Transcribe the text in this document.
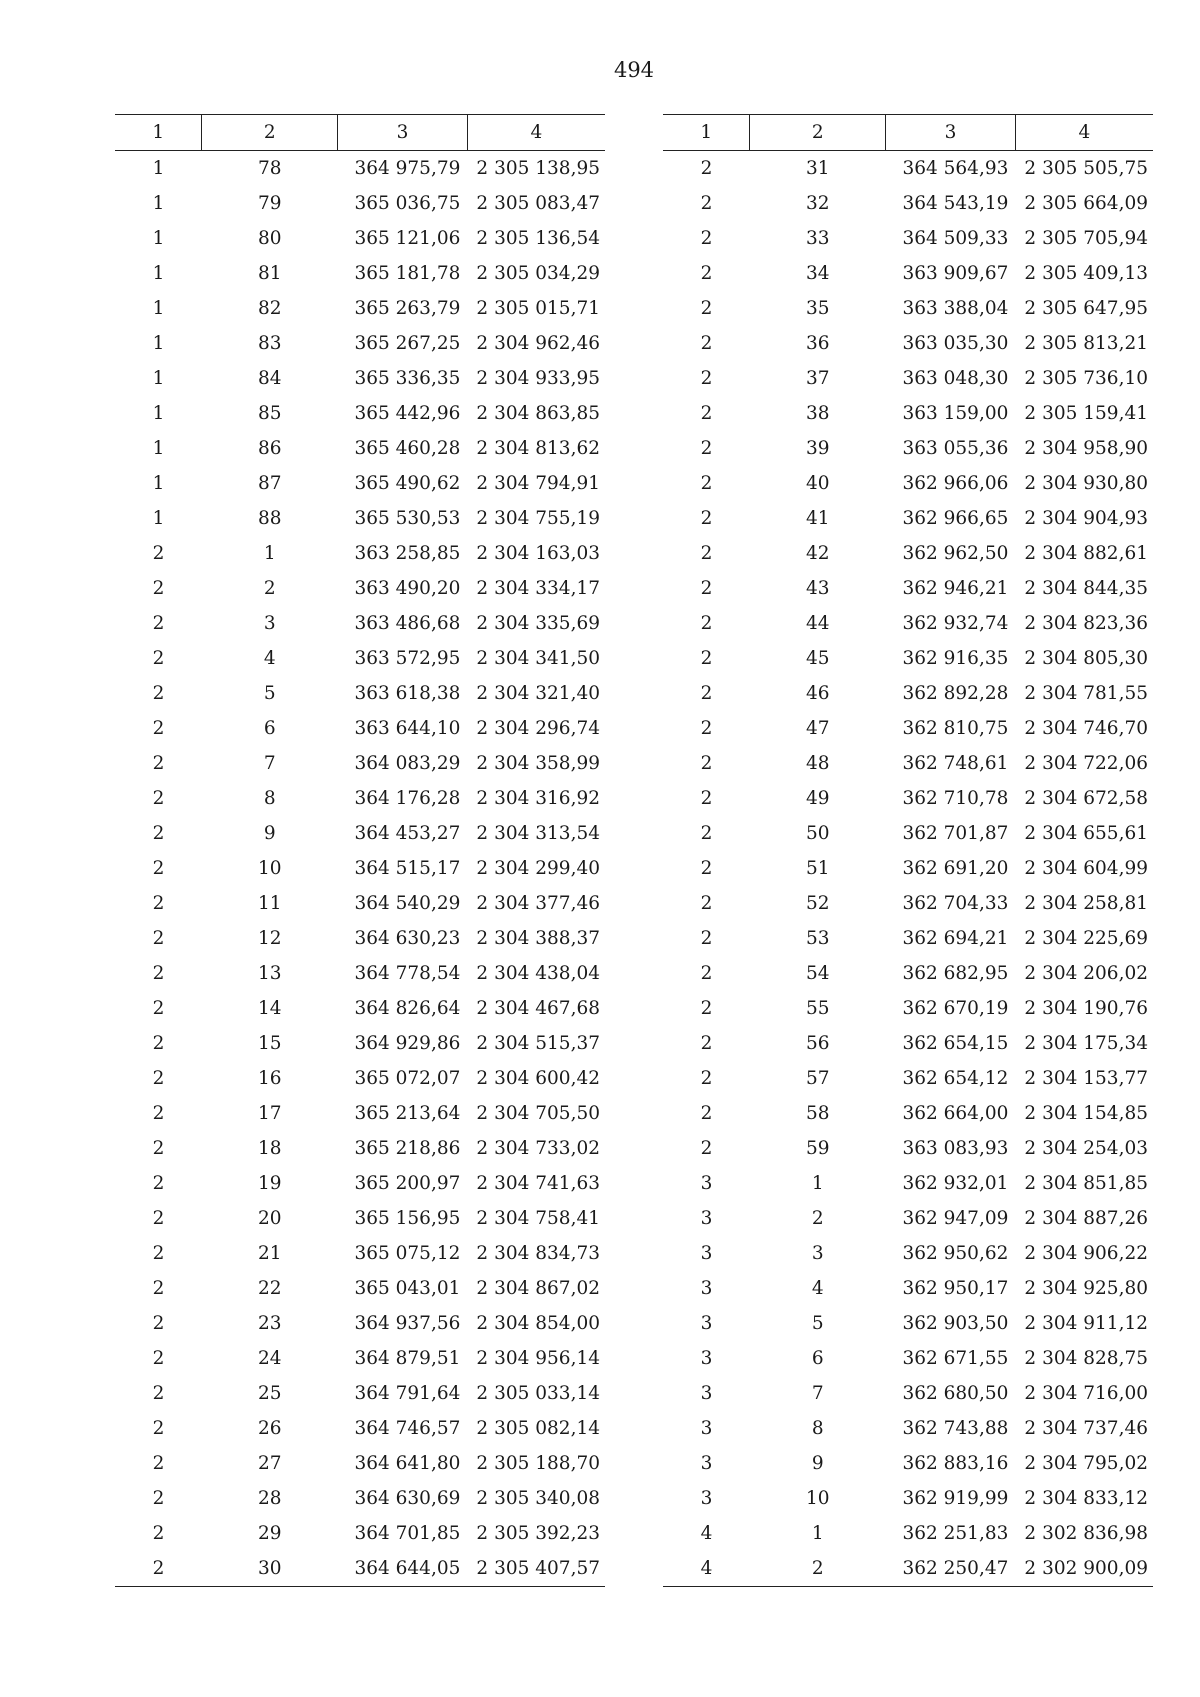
494
1	2	3	4
1	78	364 975,79	2 305 138,95
1	79	365 036,75	2 305 083,47
1	80	365 121,06	2 305 136,54
1	81	365 181,78	2 305 034,29
1	82	365 263,79	2 305 015,71
1	83	365 267,25	2 304 962,46
1	84	365 336,35	2 304 933,95
1	85	365 442,96	2 304 863,85
1	86	365 460,28	2 304 813,62
1	87	365 490,62	2 304 794,91
1	88	365 530,53	2 304 755,19
2	1	363 258,85	2 304 163,03
2	2	363 490,20	2 304 334,17
2	3	363 486,68	2 304 335,69
2	4	363 572,95	2 304 341,50
2	5	363 618,38	2 304 321,40
2	6	363 644,10	2 304 296,74
2	7	364 083,29	2 304 358,99
2	8	364 176,28	2 304 316,92
2	9	364 453,27	2 304 313,54
2	10	364 515,17	2 304 299,40
2	11	364 540,29	2 304 377,46
2	12	364 630,23	2 304 388,37
2	13	364 778,54	2 304 438,04
2	14	364 826,64	2 304 467,68
2	15	364 929,86	2 304 515,37
2	16	365 072,07	2 304 600,42
2	17	365 213,64	2 304 705,50
2	18	365 218,86	2 304 733,02
2	19	365 200,97	2 304 741,63
2	20	365 156,95	2 304 758,41
2	21	365 075,12	2 304 834,73
2	22	365 043,01	2 304 867,02
2	23	364 937,56	2 304 854,00
2	24	364 879,51	2 304 956,14
2	25	364 791,64	2 305 033,14
2	26	364 746,57	2 305 082,14
2	27	364 641,80	2 305 188,70
2	28	364 630,69	2 305 340,08
2	29	364 701,85	2 305 392,23
2	30	364 644,05	2 305 407,57
1	2	3	4
2	31	364 564,93	2 305 505,75
2	32	364 543,19	2 305 664,09
2	33	364 509,33	2 305 705,94
2	34	363 909,67	2 305 409,13
2	35	363 388,04	2 305 647,95
2	36	363 035,30	2 305 813,21
2	37	363 048,30	2 305 736,10
2	38	363 159,00	2 305 159,41
2	39	363 055,36	2 304 958,90
2	40	362 966,06	2 304 930,80
2	41	362 966,65	2 304 904,93
2	42	362 962,50	2 304 882,61
2	43	362 946,21	2 304 844,35
2	44	362 932,74	2 304 823,36
2	45	362 916,35	2 304 805,30
2	46	362 892,28	2 304 781,55
2	47	362 810,75	2 304 746,70
2	48	362 748,61	2 304 722,06
2	49	362 710,78	2 304 672,58
2	50	362 701,87	2 304 655,61
2	51	362 691,20	2 304 604,99
2	52	362 704,33	2 304 258,81
2	53	362 694,21	2 304 225,69
2	54	362 682,95	2 304 206,02
2	55	362 670,19	2 304 190,76
2	56	362 654,15	2 304 175,34
2	57	362 654,12	2 304 153,77
2	58	362 664,00	2 304 154,85
2	59	363 083,93	2 304 254,03
3	1	362 932,01	2 304 851,85
3	2	362 947,09	2 304 887,26
3	3	362 950,62	2 304 906,22
3	4	362 950,17	2 304 925,80
3	5	362 903,50	2 304 911,12
3	6	362 671,55	2 304 828,75
3	7	362 680,50	2 304 716,00
3	8	362 743,88	2 304 737,46
3	9	362 883,16	2 304 795,02
3	10	362 919,99	2 304 833,12
4	1	362 251,83	2 302 836,98
4	2	362 250,47	2 302 900,09
